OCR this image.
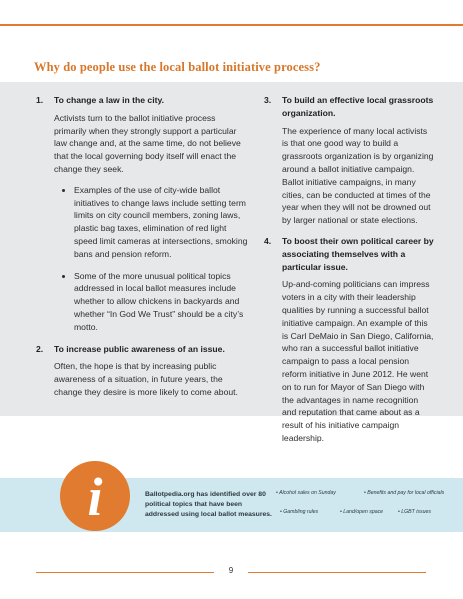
Why do people use the local ballot initiative process?
1.	To change a law in the city.
Activists turn to the ballot initiative process primarily when they strongly support a particular law change and, at the same time, do not believe that the local governing body itself will enact the change they seek.
• Examples of the use of city-wide ballot initiatives to change laws include setting term limits on city council members, zoning laws, plastic bag taxes, elimination of red light speed limit cameras at intersections, smoking bans and pension reform.
• Some of the more unusual political topics addressed in local ballot measures include whether to allow chickens in backyards and whether “In God We Trust” should be a city’s motto.
2.	To increase public awareness of an issue.
Often, the hope is that by increasing public awareness of a situation, in future years, the change they desire is more likely to come about.
3.	To build an effective local grassroots organization.
The experience of many local activists is that one good way to build a grassroots organization is by organizing around a ballot initiative campaign. Ballot initiative campaigns, in many cities, can be conducted at times of the year when they will not be drowned out by larger national or state elections.
4.	To boost their own political career by associating themselves with a particular issue.
Up-and-coming politicians can impress voters in a city with their leadership qualities by running a successful ballot initiative campaign. An example of this is Carl DeMaio in San Diego, California, who ran a successful ballot initiative campaign to pass a local pension reform initiative in June 2012. He went on to run for Mayor of San Diego with the advantages in name recognition and reputation that came about as a result of his initiative campaign leadership.
i	Ballotpedia.org has identified over 80 political topics that have been addressed using local ballot measures.
• Alcohol sales on Sunday	• Benefits and pay for local officials
• Gambling rules	• Land/open space	• LGBT issues
9
